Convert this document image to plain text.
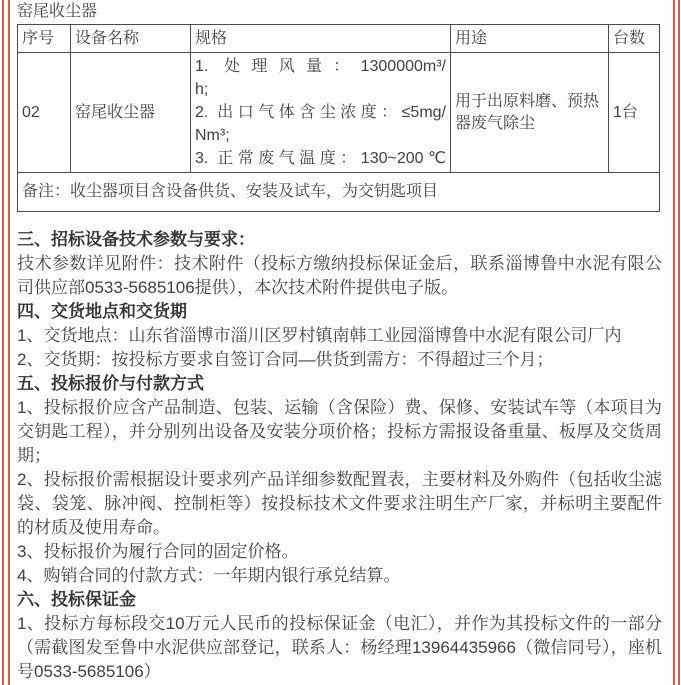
窑尾收尘器
序号	设备名称	规格	用途	台数
02	窑尾收尘器	1. 处理风量：1300000m³/
h;
2. 出口气体含尘浓度：≤5mg/
Nm³;
3. 正常废气温度：130~200℃	用于出原料磨、预热器废气除尘	1台
备注：收尘器项目含设备供货、安装及试车，为交钥匙项目				
三、招标设备技术参数与要求：

技术参数详见附件：技术附件（投标方缴纳投标保证金后，联系淄博鲁中水泥有限公司供应部0533-5685106提供），本次技术附件提供电子版。

四、交货地点和交货期

1、交货地点：山东省淄博市淄川区罗村镇南韩工业园淄博鲁中水泥有限公司厂内

2、交货期：按投标方要求自签订合同—供货到需方：不得超过三个月；

五、投标报价与付款方式

1、投标报价应含产品制造、包装、运输（含保险）费、保修、安装试车等（本项目为交钥匙工程），并分别列出设备及安装分项价格；投标方需报设备重量、板厚及交货周期；

2、投标报价需根据设计要求列产品详细参数配置表，主要材料及外购件（包括收尘滤袋、袋笼、脉冲阀、控制柜等）按投标技术文件要求注明生产厂家，并标明主要配件的材质及使用寿命。

3、投标报价为履行合同的固定价格。

4、购销合同的付款方式：一年期内银行承兑结算。

六、投标保证金

1、投标方每标段交10万元人民币的投标保证金（电汇），并作为其投标文件的一部分（需截图发至鲁中水泥供应部登记，联系人：杨经理13964435966（微信同号），座机号0533-5685106）
